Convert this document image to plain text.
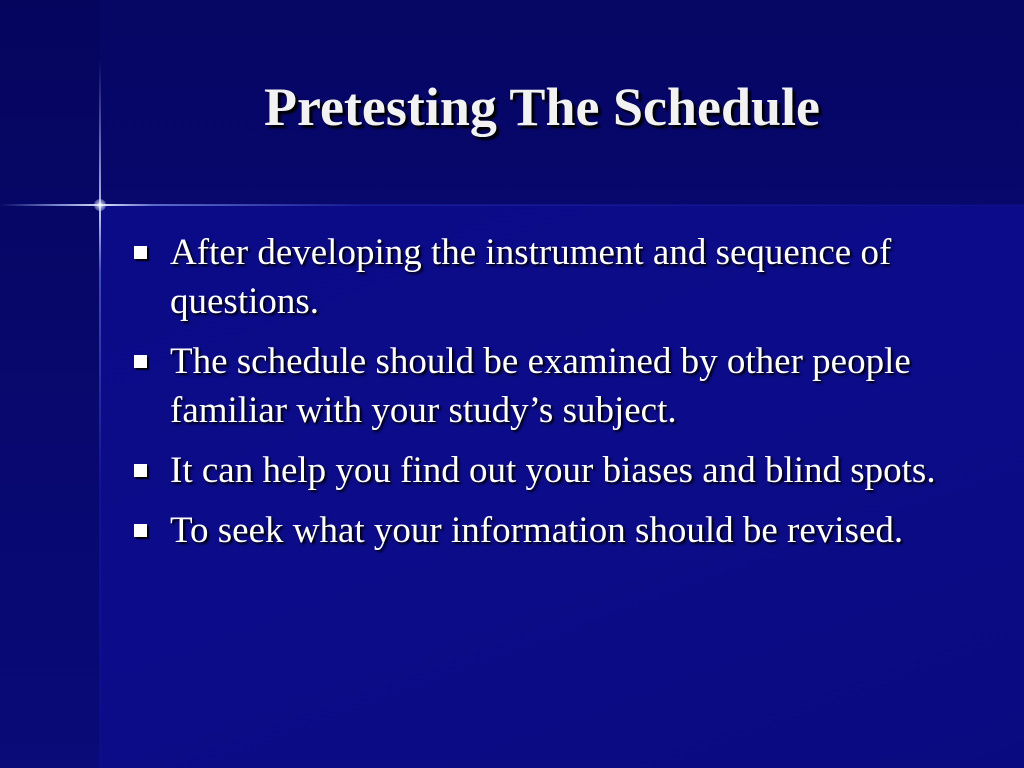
Pretesting The Schedule
After developing the instrument and sequence of questions.
The schedule should be examined by other people familiar with your study’s subject.
It can help you find out your biases and blind spots.
To seek what your information should be revised.
